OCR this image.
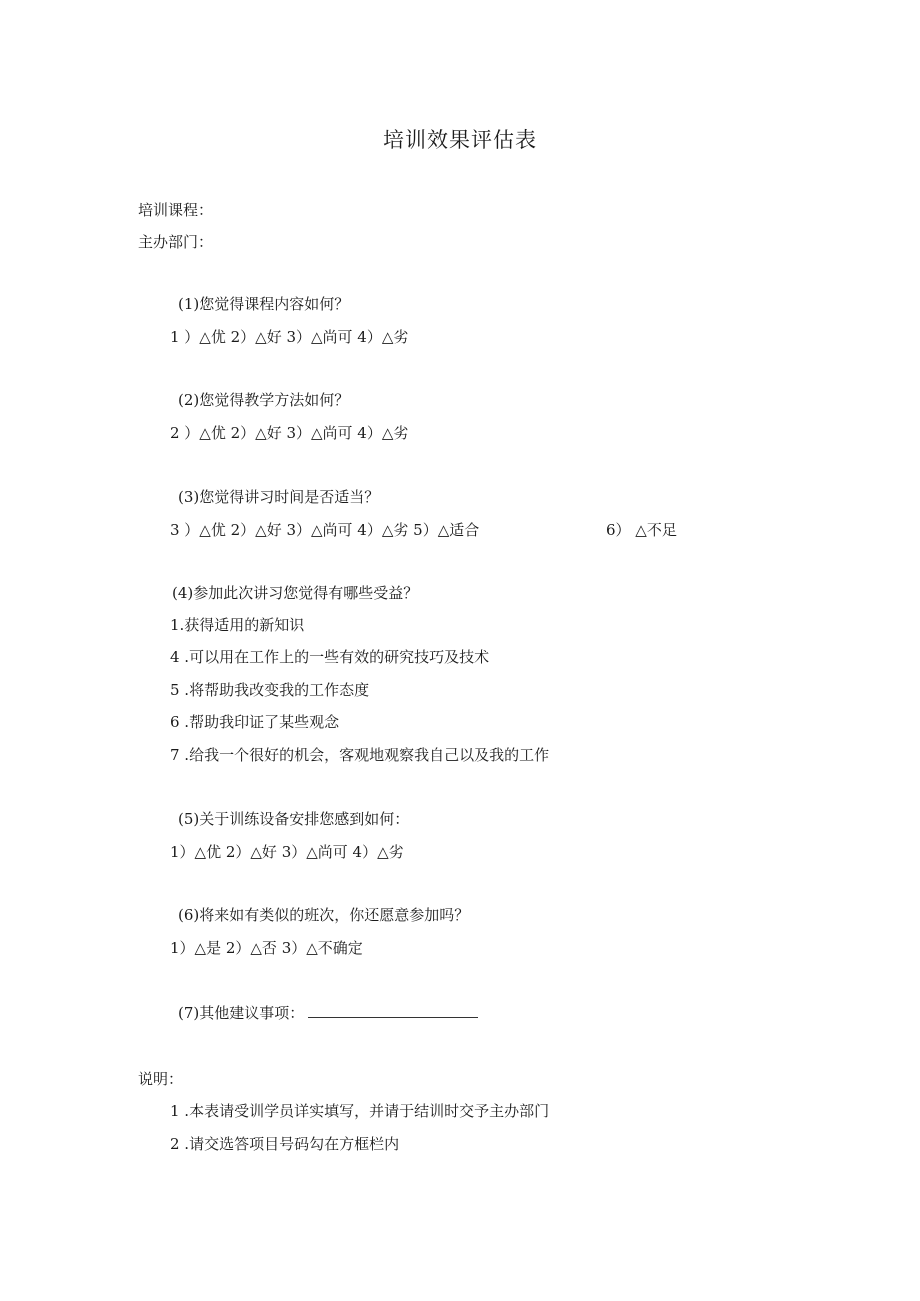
培训效果评估表
培训课程：
主办部门：
(1)您觉得课程内容如何？
1 ）△优 2）△好 3）△尚可 4）△劣
(2)您觉得教学方法如何？
2 ）△优 2）△好 3）△尚可 4）△劣
(3)您觉得讲习时间是否适当？
3 ）△优 2）△好 3）△尚可 4）△劣 5）△适合	6） △不足
(4)参加此次讲习您觉得有哪些受益？
1.获得适用的新知识
4 .可以用在工作上的一些有效的研究技巧及技术
5 .将帮助我改变我的工作态度
6 .帮助我印证了某些观念
7 .给我一个很好的机会，客观地观察我自己以及我的工作
(5)关于训练设备安排您感到如何：
1）△优 2）△好 3）△尚可 4）△劣
(6)将来如有类似的班次，你还愿意参加吗？
1）△是 2）△否 3）△不确定
(7)其他建议事项：
说明：
1 .本表请受训学员详实填写，并请于结训时交予主办部门
2 .请交选答项目号码勾在方框栏内
